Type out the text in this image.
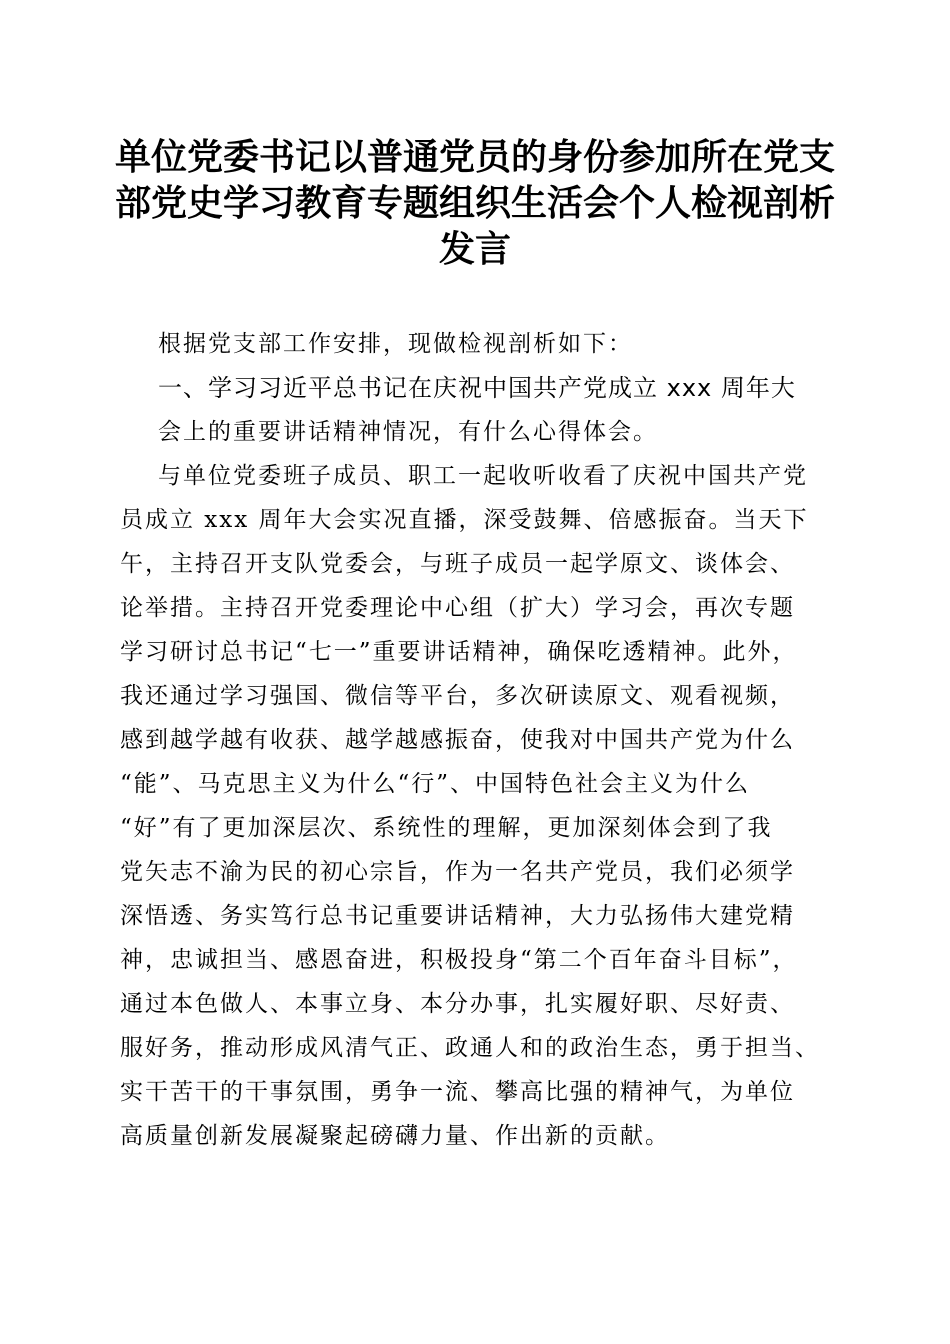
单位党委书记以普通党员的身份参加所在党支
部党史学习教育专题组织生活会个人检视剖析
发言
根据党支部工作安排，现做检视剖析如下：
一、学习习近平总书记在庆祝中国共产党成立 xxx 周年大
会上的重要讲话精神情况，有什么心得体会。
与单位党委班子成员、职工一起收听收看了庆祝中国共产党
员成立 xxx 周年大会实况直播，深受鼓舞、倍感振奋。当天下
午，主持召开支队党委会，与班子成员一起学原文、谈体会、
论举措。主持召开党委理论中心组（扩大）学习会，再次专题
学习研讨总书记“七一”重要讲话精神，确保吃透精神。此外，
我还通过学习强国、微信等平台，多次研读原文、观看视频，
感到越学越有收获、越学越感振奋，使我对中国共产党为什么
“能”、马克思主义为什么“行”、中国特色社会主义为什么
“好”有了更加深层次、系统性的理解，更加深刻体会到了我
党矢志不渝为民的初心宗旨，作为一名共产党员，我们必须学
深悟透、务实笃行总书记重要讲话精神，大力弘扬伟大建党精
神，忠诚担当、感恩奋进，积极投身“第二个百年奋斗目标”，
通过本色做人、本事立身、本分办事，扎实履好职、尽好责、
服好务，推动形成风清气正、政通人和的政治生态，勇于担当、
实干苦干的干事氛围，勇争一流、攀高比强的精神气，为单位
高质量创新发展凝聚起磅礴力量、作出新的贡献。
